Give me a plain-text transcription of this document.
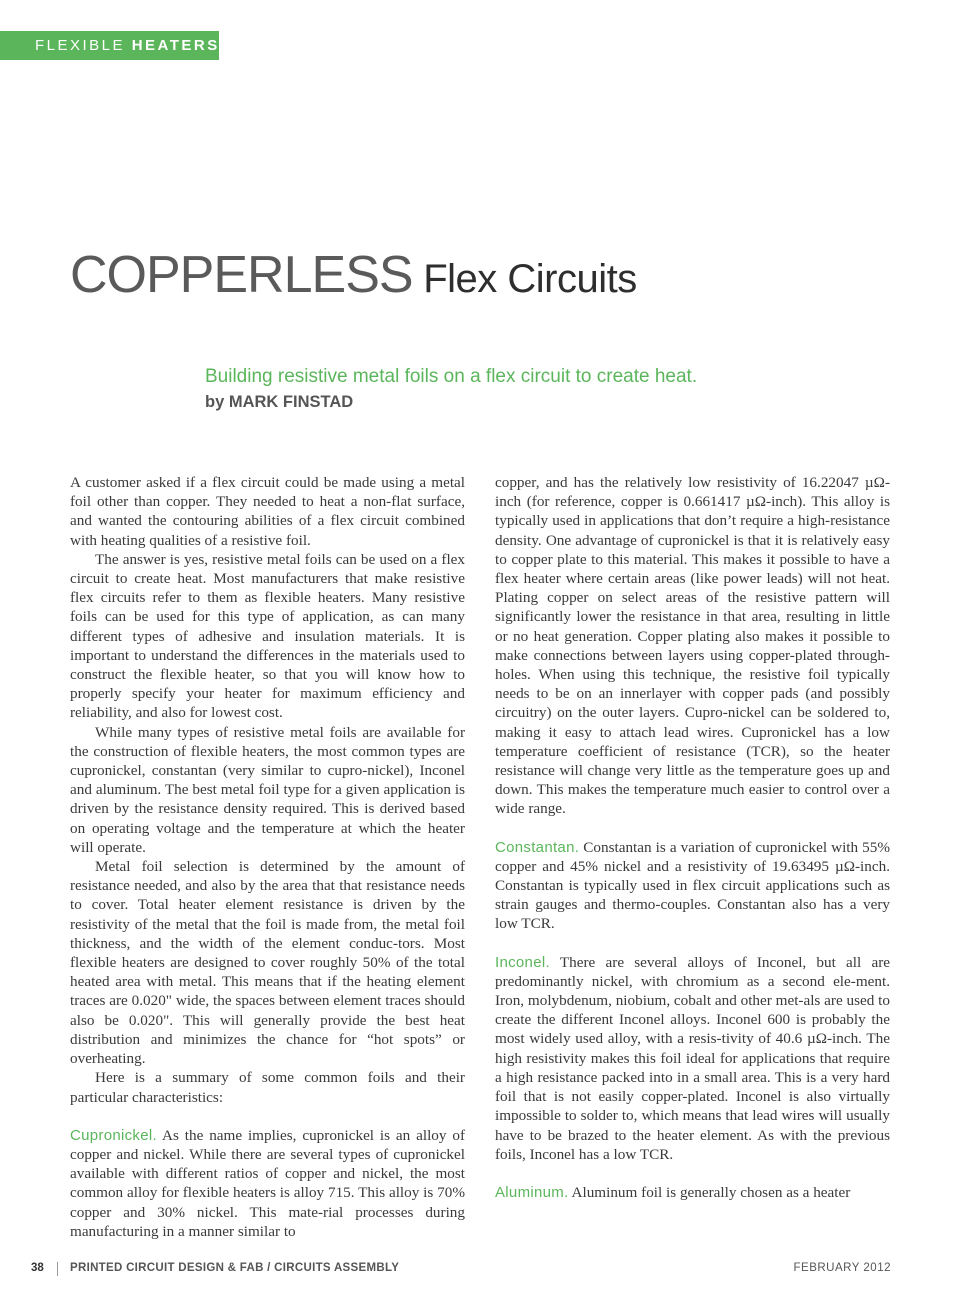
FLEXIBLE HEATERS
COPPERLESS Flex Circuits
Building resistive metal foils on a flex circuit to create heat.
by MARK FINSTAD

A customer asked if a flex circuit could be made using a metal foil other than copper. They needed to heat a non-flat surface, and wanted the contouring abilities of a flex circuit combined with heating qualities of a resistive foil.

The answer is yes, resistive metal foils can be used on a flex circuit to create heat. Most manufacturers that make resistive flex circuits refer to them as flexible heaters. Many resistive foils can be used for this type of application, as can many different types of adhesive and insulation materials. It is important to understand the differences in the materials used to construct the flexible heater, so that you will know how to properly specify your heater for maximum efficiency and reliability, and also for lowest cost.

While many types of resistive metal foils are available for the construction of flexible heaters, the most common types are cupronickel, constantan (very similar to cupro-nickel), Inconel and aluminum. The best metal foil type for a given application is driven by the resistance density required. This is derived based on operating voltage and the temperature at which the heater will operate.

Metal foil selection is determined by the amount of resistance needed, and also by the area that that resistance needs to cover. Total heater element resistance is driven by the resistivity of the metal that the foil is made from, the metal foil thickness, and the width of the element conduc-tors. Most flexible heaters are designed to cover roughly 50% of the total heated area with metal. This means that if the heating element traces are 0.020" wide, the spaces between element traces should also be 0.020". This will generally provide the best heat distribution and minimizes the chance for “hot spots” or overheating.

Here is a summary of some common foils and their particular characteristics:

Cupronickel. As the name implies, cupronickel is an alloy of copper and nickel. While there are several types of cupronickel available with different ratios of copper and nickel, the most common alloy for flexible heaters is alloy 715. This alloy is 70% copper and 30% nickel. This mate-rial processes during manufacturing in a manner similar to

copper, and has the relatively low resistivity of 16.22047 µΩ-inch (for reference, copper is 0.661417 µΩ-inch). This alloy is typically used in applications that don’t require a high-resistance density. One advantage of cupronickel is that it is relatively easy to copper plate to this material. This makes it possible to have a flex heater where certain areas (like power leads) will not heat. Plating copper on select areas of the resistive pattern will significantly lower the resistance in that area, resulting in little or no heat generation. Copper plating also makes it possible to make connections between layers using copper-plated through-holes. When using this technique, the resistive foil typically needs to be on an innerlayer with copper pads (and possibly circuitry) on the outer layers. Cupro-nickel can be soldered to, making it easy to attach lead wires. Cupronickel has a low temperature coefficient of resistance (TCR), so the heater resistance will change very little as the temperature goes up and down. This makes the temperature much easier to control over a wide range.

Constantan. Constantan is a variation of cupronickel with 55% copper and 45% nickel and a resistivity of 19.63495 µΩ-inch. Constantan is typically used in flex circuit applications such as strain gauges and thermo-couples. Constantan also has a very low TCR.

Inconel. There are several alloys of Inconel, but all are predominantly nickel, with chromium as a second ele-ment. Iron, molybdenum, niobium, cobalt and other met-als are used to create the different Inconel alloys. Inconel 600 is probably the most widely used alloy, with a resis-tivity of 40.6 µΩ-inch. The high resistivity makes this foil ideal for applications that require a high resistance packed into in a small area. This is a very hard foil that is not easily copper-plated. Inconel is also virtually impossible to solder to, which means that lead wires will usually have to be brazed to the heater element. As with the previous foils, Inconel has a low TCR.

Aluminum. Aluminum foil is generally chosen as a heater

38 PRINTED CIRCUIT DESIGN & FAB / CIRCUITS ASSEMBLY	FEBRUARY 2012
